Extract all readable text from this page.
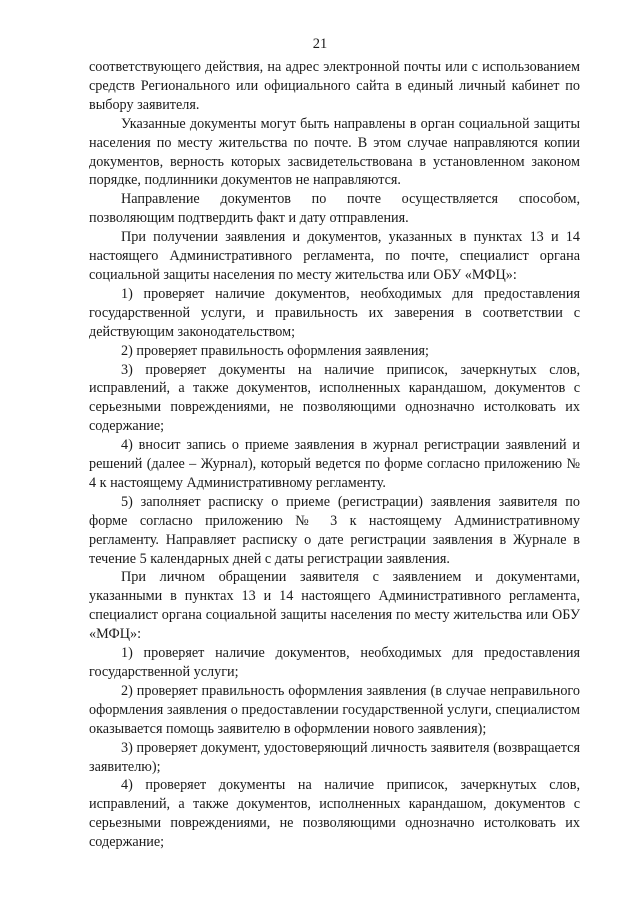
21

соответствующего действия, на адрес электронной почты или с использованием средств Регионального или официального сайта в единый личный кабинет по выбору заявителя.

Указанные документы могут быть направлены в орган социальной защиты населения по месту жительства по почте. В этом случае направляются копии документов, верность которых засвидетельствована в установленном законом порядке, подлинники документов не направляются.

Направление документов по почте осуществляется способом, позволяющим подтвердить факт и дату отправления.

При получении заявления и документов, указанных в пунктах 13 и 14 настоящего Административного регламента, по почте, специалист органа социальной защиты населения по месту жительства или ОБУ «МФЦ»:

1) проверяет наличие документов, необходимых для предоставления государственной услуги, и правильность их заверения в соответствии с действующим законодательством;

2) проверяет правильность оформления заявления;

3) проверяет документы на наличие приписок, зачеркнутых слов, исправлений, а также документов, исполненных карандашом, документов с серьезными повреждениями, не позволяющими однозначно истолковать их содержание;

4) вносит запись о приеме заявления в журнал регистрации заявлений и решений (далее – Журнал), который ведется по форме согласно приложению № 4 к настоящему Административному регламенту.

5) заполняет расписку о приеме (регистрации) заявления заявителя по форме согласно приложению № 3 к настоящему Административному регламенту. Направляет расписку о дате регистрации заявления в Журнале в течение 5 календарных дней с даты регистрации заявления.

При личном обращении заявителя с заявлением и документами, указанными в пунктах 13 и 14 настоящего Административного регламента, специалист органа социальной защиты населения по месту жительства или ОБУ «МФЦ»:

1) проверяет наличие документов, необходимых для предоставления государственной услуги;

2) проверяет правильность оформления заявления (в случае неправильного оформления заявления о предоставлении государственной услуги, специалистом оказывается помощь заявителю в оформлении нового заявления);

3) проверяет документ, удостоверяющий личность заявителя (возвращается заявителю);

4) проверяет документы на наличие приписок, зачеркнутых слов, исправлений, а также документов, исполненных карандашом, документов с серьезными повреждениями, не позволяющими однозначно истолковать их содержание;
